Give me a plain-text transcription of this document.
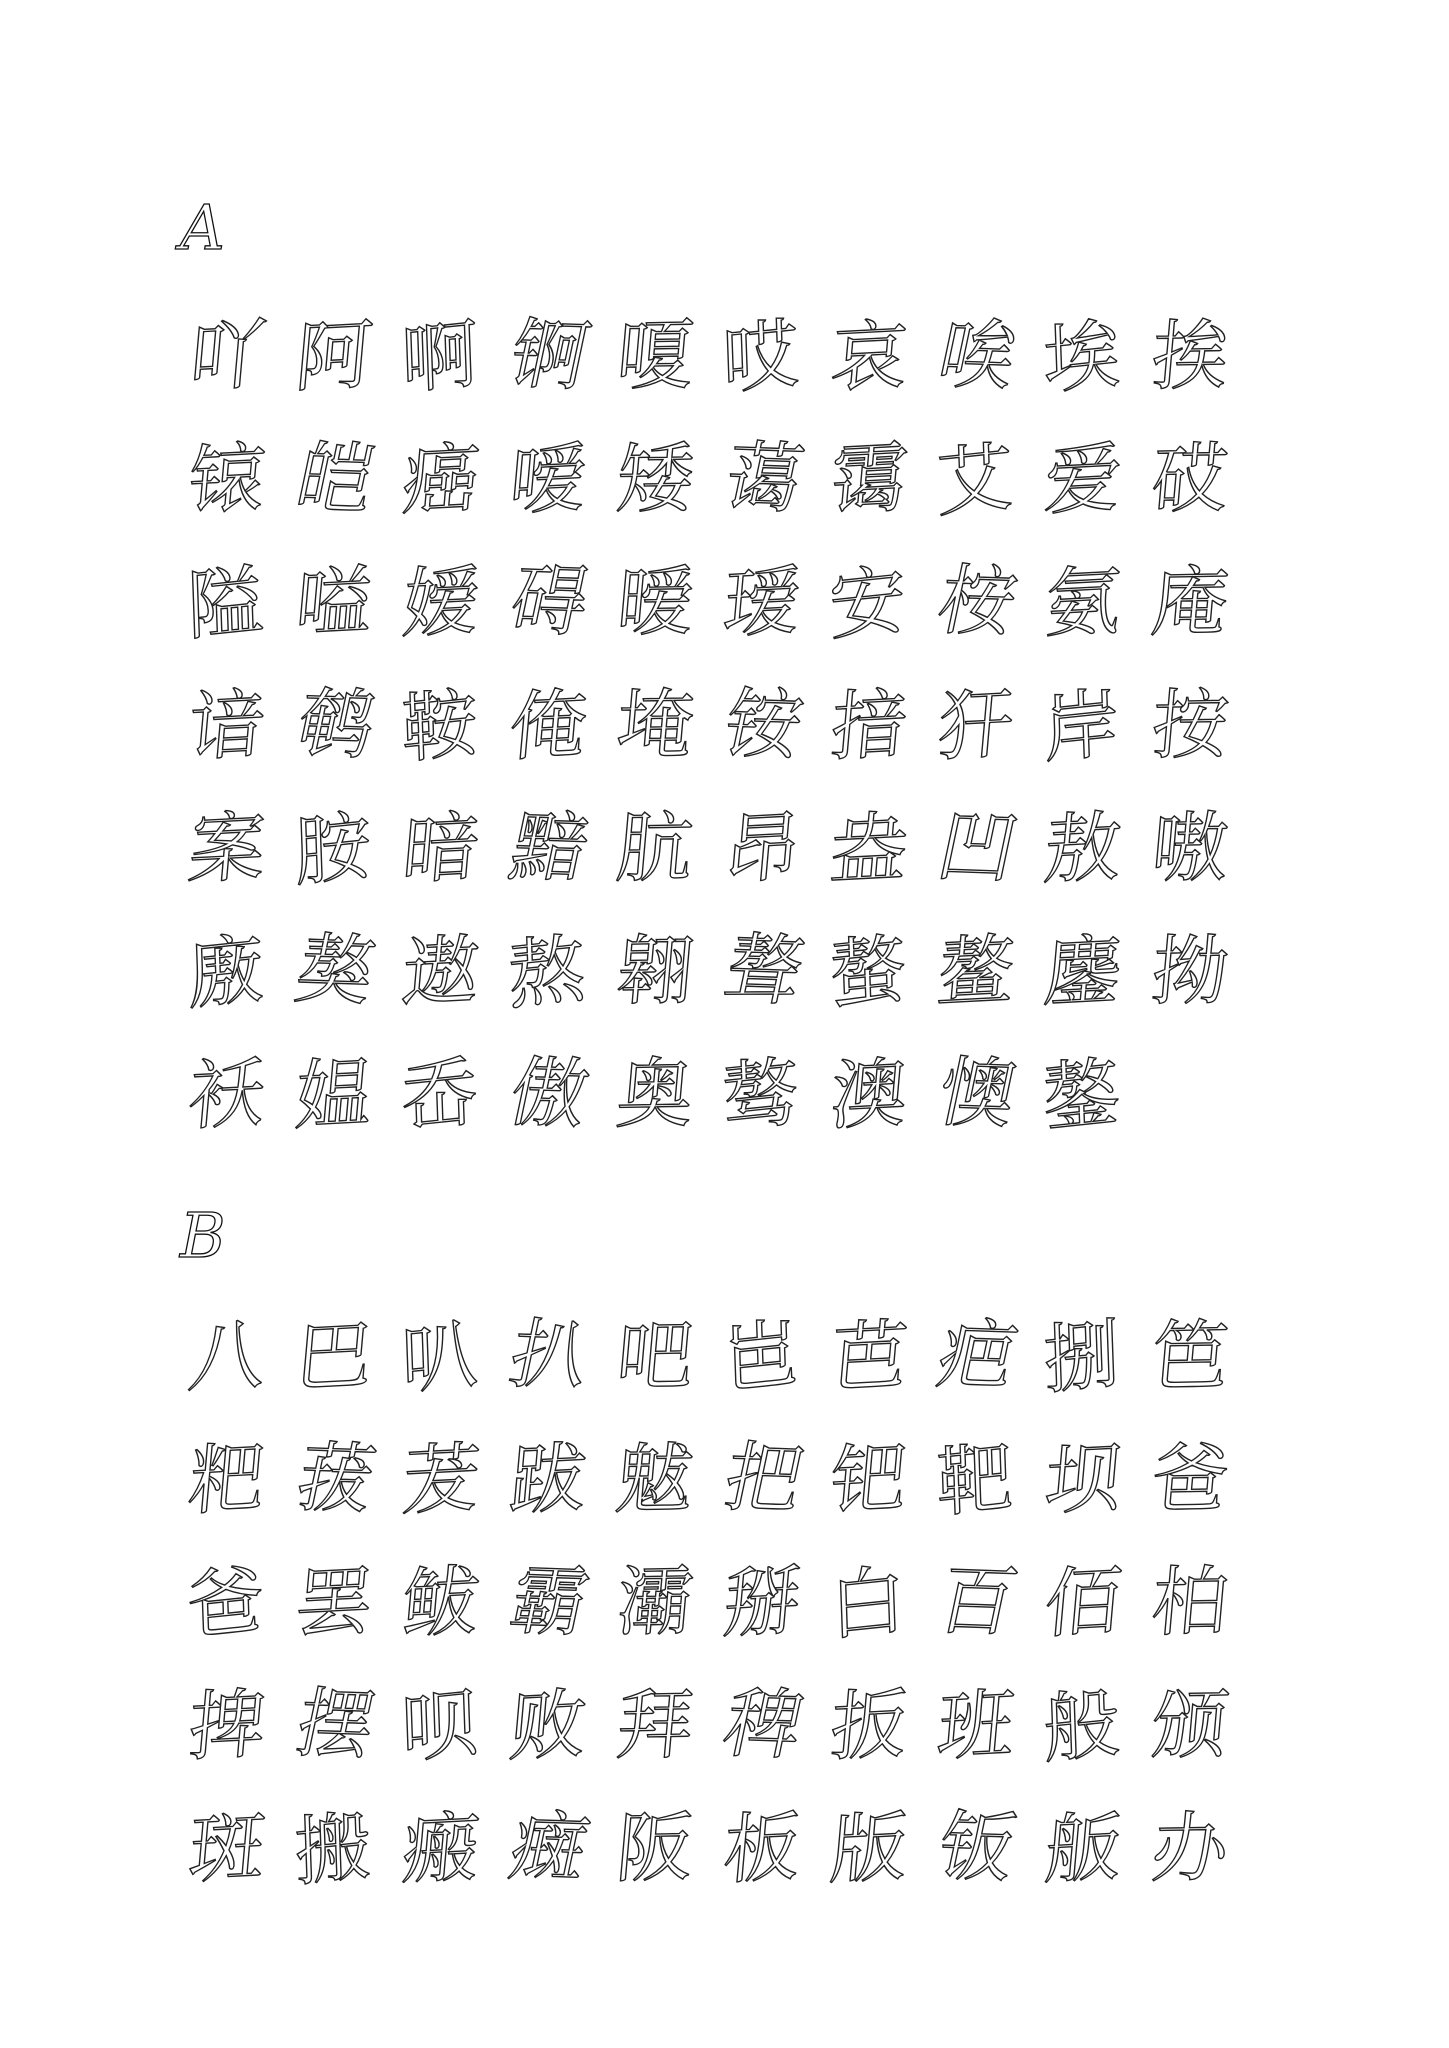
A
吖 阿 啊 锕 嗄 哎 哀 唉 埃 挨
锿 皑 癌 嗳 矮 蔼 霭 艾 爱 砹
隘 嗌 嫒 碍 暧 瑷 安 桉 氨 庵
谙 鹌 鞍 俺 埯 铵 揞 犴 岸 按
案 胺 暗 黯 肮 昂 盎 凹 敖 嗷
廒 獒 遨 熬 翱 聱 螯 鳌 鏖 拗
袄 媪 岙 傲 奥 骜 澳 懊 鏊
B
八 巴 叭 扒 吧 岜 芭 疤 捌 笆
粑 菝 茇 跋 魃 把 钯 靶 坝 爸
爸 罢 鲅 霸 灞 掰 白 百 佰 柏
捭 摆 呗 败 拜 稗 扳 班 般 颁
斑 搬 瘢 癍 阪 板 版 钣 舨 办
